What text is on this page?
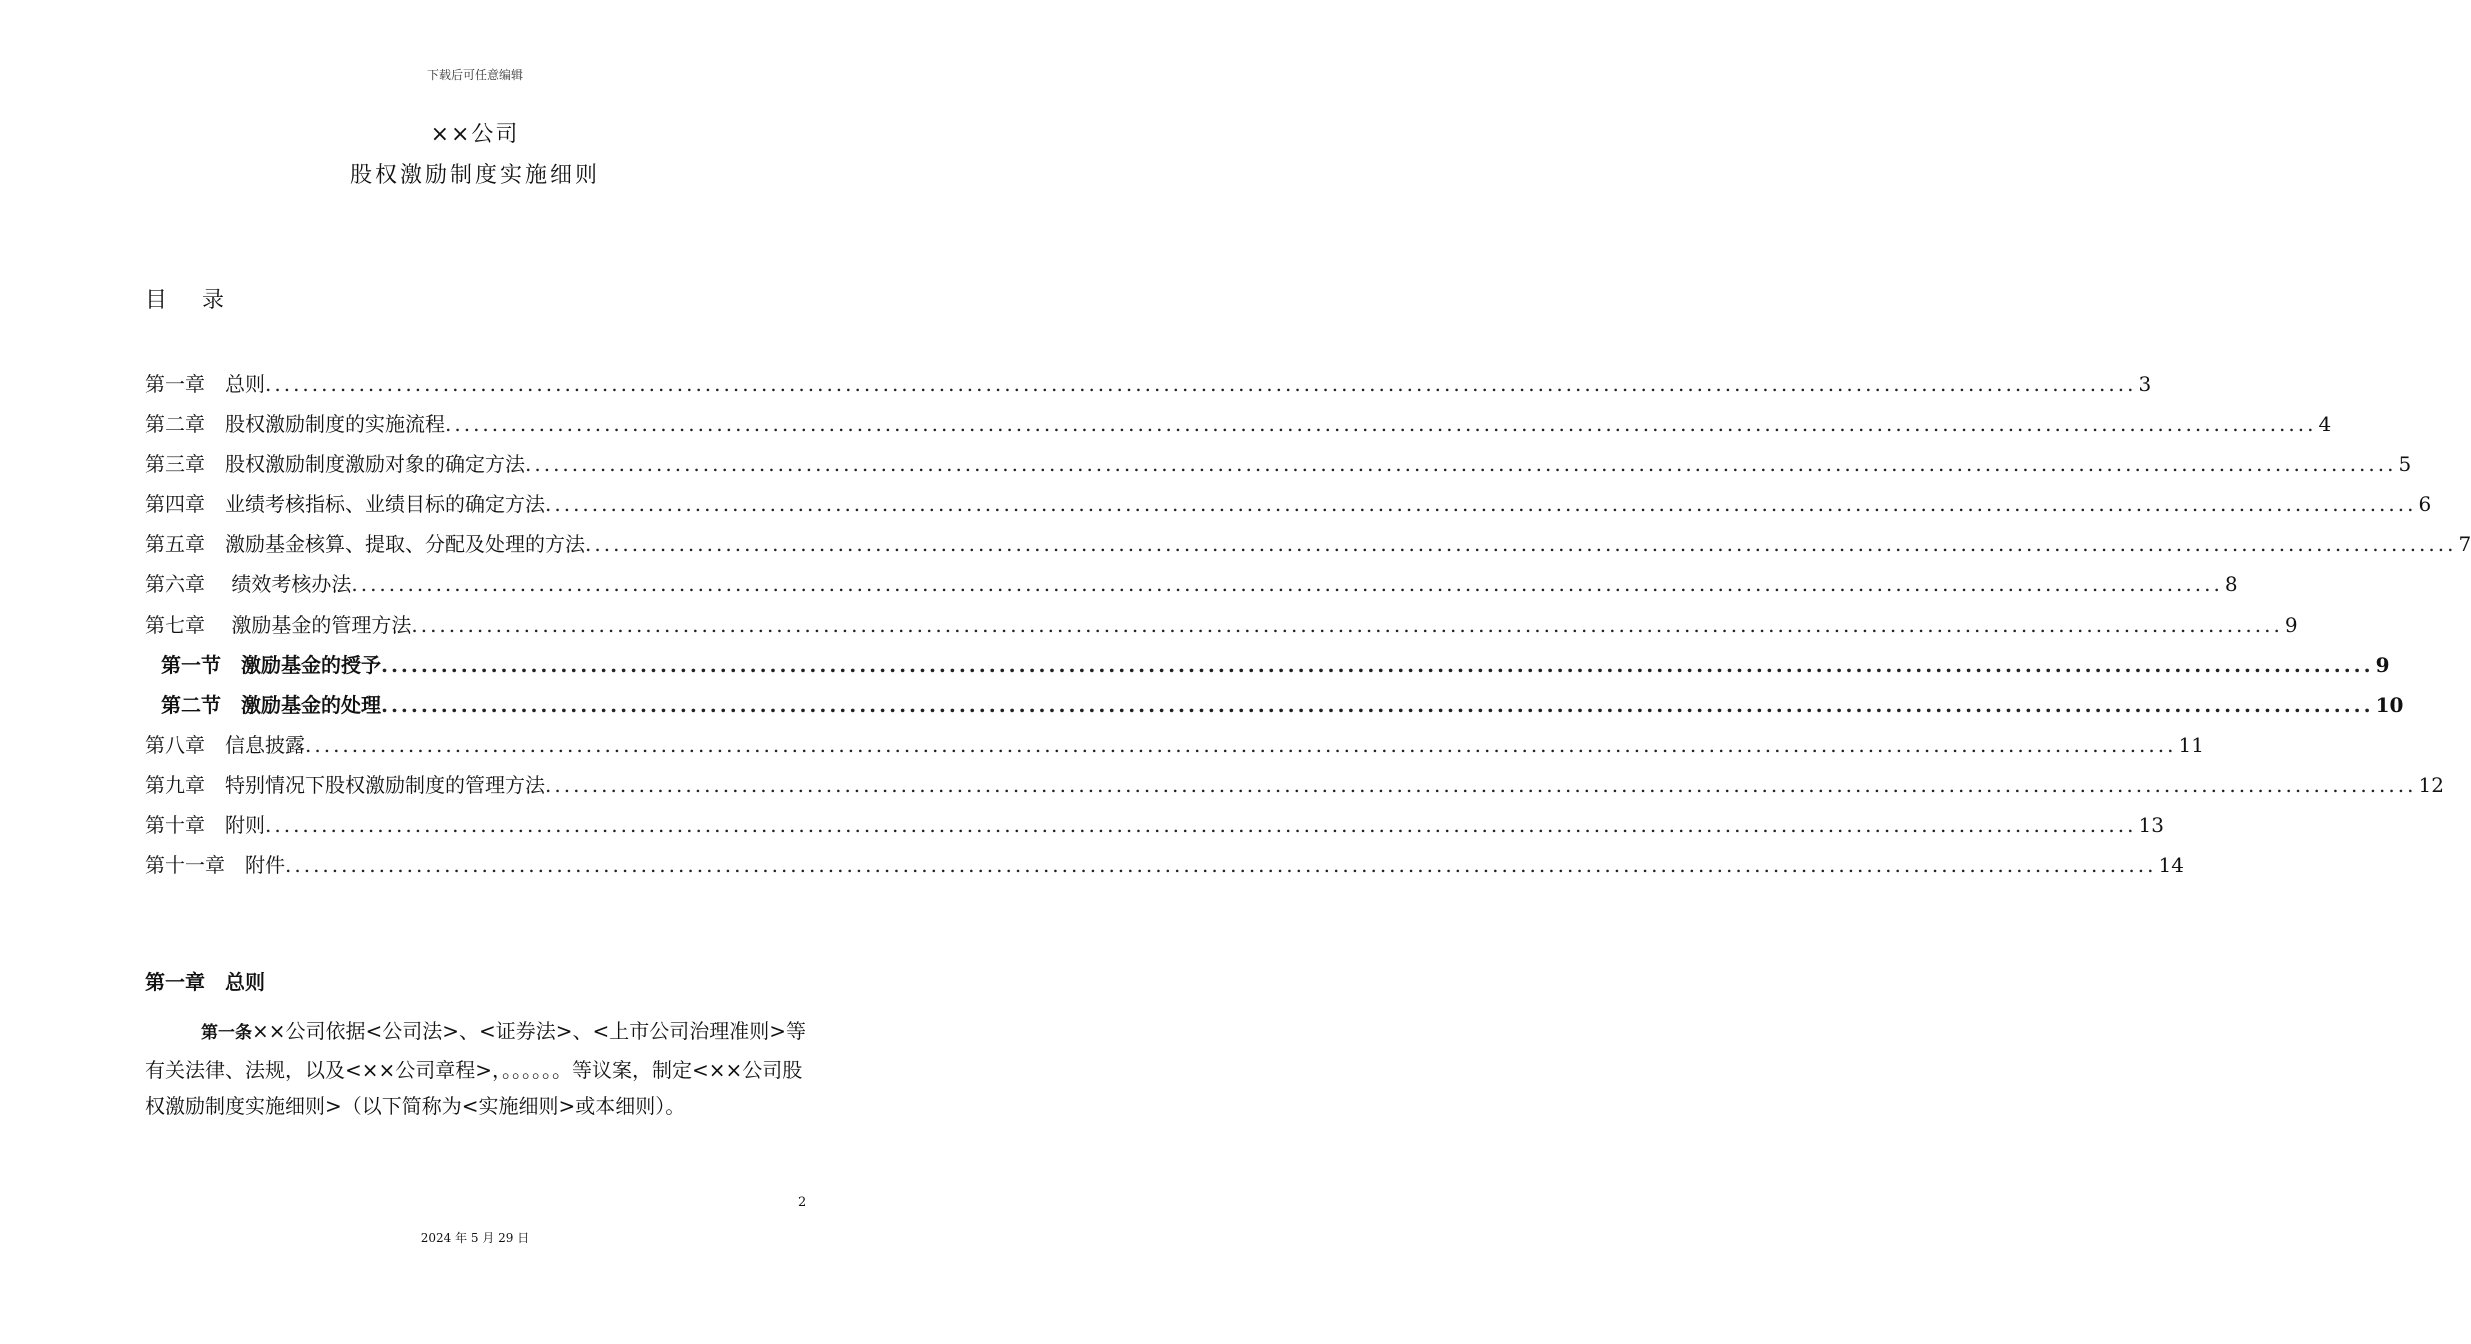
下载后可任意编辑
××公司
股权激励制度实施细则
目 录
第一章　总则 ........................................................................................................................................................................................................ 3
第二章　股权激励制度的实施流程 ........................................................................................................................................................................................................ 4
第三章　股权激励制度激励对象的确定方法 ........................................................................................................................................................................................................ 5
第四章　业绩考核指标、业绩目标的确定方法 ........................................................................................................................................................................................................ 6
第五章　激励基金核算、提取、分配及处理的方法 ........................................................................................................................................................................................................ 7
第六章　 绩效考核办法 ........................................................................................................................................................................................................ 8
第七章　 激励基金的管理方法 ........................................................................................................................................................................................................ 9
第一节　激励基金的授予 ........................................................................................................................................................................................................ 9
第二节　激励基金的处理 ........................................................................................................................................................................................................ 10
第八章　信息披露 ........................................................................................................................................................................................................ 11
第九章　特别情况下股权激励制度的管理方法 ........................................................................................................................................................................................................ 12
第十章　附则 ........................................................................................................................................................................................................ 13
第十一章　附件 ........................................................................................................................................................................................................ 14
第一章　总则
第一条××公司依据<公司法>、<证券法>、<上市公司治理准则>等有关法律、法规，以及<××公司章程>，。。。。。。等议案，制定<××公司股权激励制度实施细则>（以下简称为<实施细则>或本细则）。
2
2024 年 5 月 29 日
